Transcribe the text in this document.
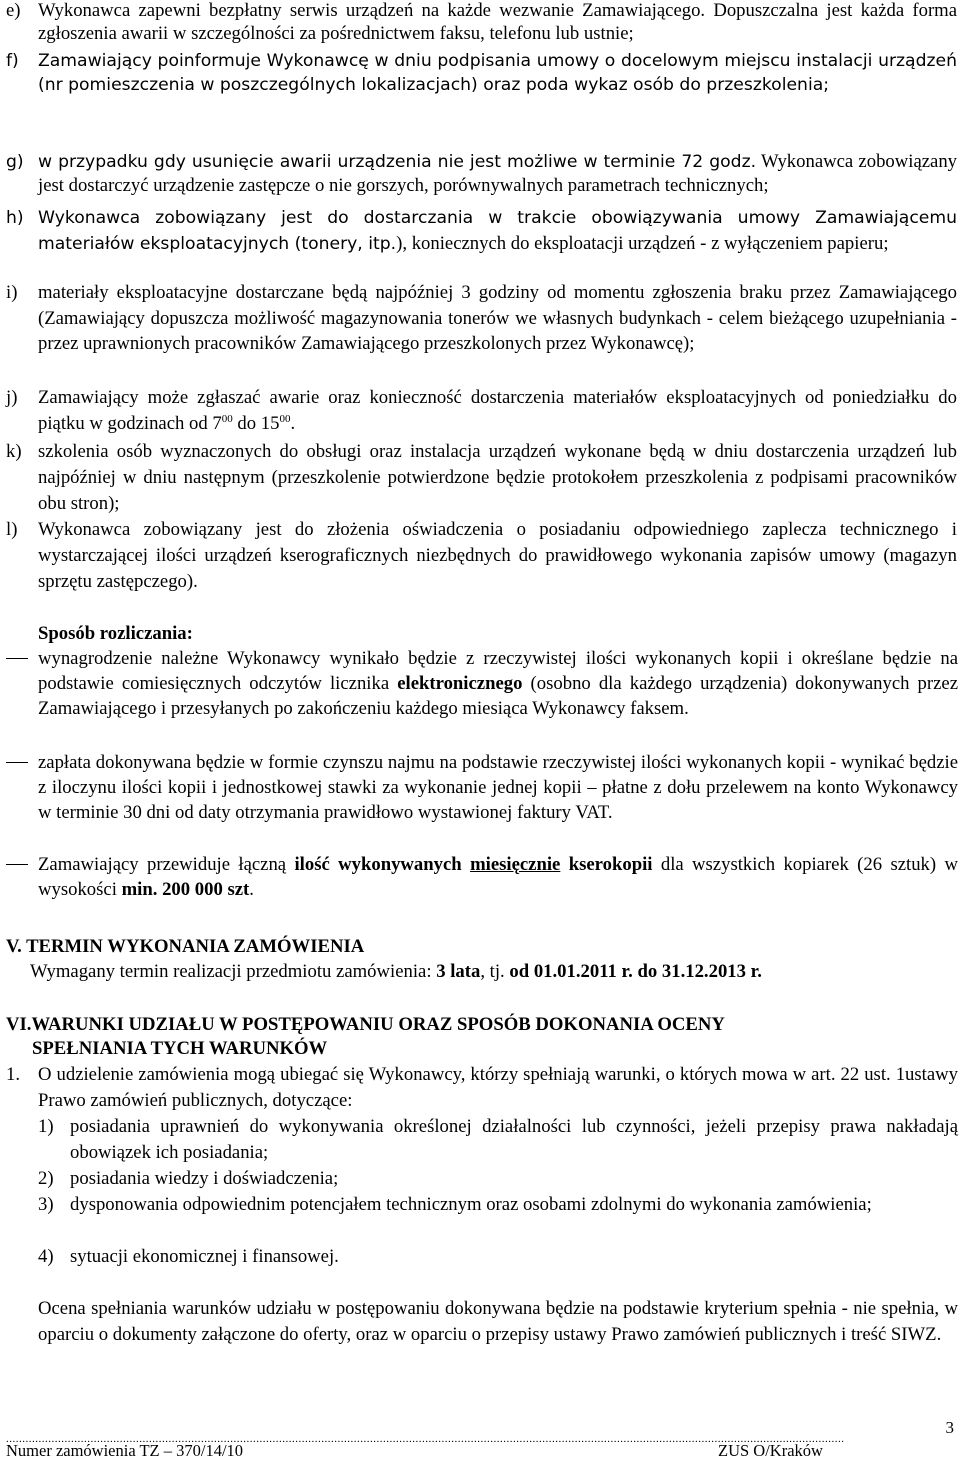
e) Wykonawca zapewni bezpłatny serwis urządzeń na każde wezwanie Zamawiającego. Dopuszczalna jest każda forma zgłoszenia awarii w szczególności za pośrednictwem faksu, telefonu lub ustnie;
f)	Zamawiający poinformuje Wykonawcę w dniu podpisania umowy o docelowym miejscu instalacji urządzeń (nr pomieszczenia w poszczególnych lokalizacjach) oraz poda wykaz osób do przeszkolenia;
g) w przypadku gdy usunięcie awarii urządzenia nie jest możliwe w terminie 72 godz. Wykonawca zobowiązany jest dostarczyć urządzenie zastępcze o nie gorszych, porównywalnych parametrach technicznych;
h) Wykonawca zobowiązany jest do dostarczania w trakcie obowiązywania umowy Zamawiającemu materiałów eksploatacyjnych (tonery, itp.), koniecznych do eksploatacji urządzeń - z wyłączeniem papieru;
i)	materiały eksploatacyjne dostarczane będą najpóźniej 3 godziny od momentu zgłoszenia braku przez Zamawiającego (Zamawiający dopuszcza możliwość magazynowania tonerów we własnych budynkach - celem bieżącego uzupełniania - przez uprawnionych pracowników Zamawiającego przeszkolonych przez Wykonawcę);
j)	Zamawiający może zgłaszać awarie oraz konieczność dostarczenia materiałów eksploatacyjnych od poniedziałku do piątku w godzinach od $7^{00}$ do $15^{00}$.
k) szkolenia osób wyznaczonych do obsługi oraz instalacja urządzeń wykonane będą w dniu dostarczenia urządzeń lub najpóźniej w dniu następnym (przeszkolenie potwierdzone będzie protokołem przeszkolenia z podpisami pracowników obu stron);
l)	Wykonawca zobowiązany jest do złożenia oświadczenia o posiadaniu odpowiedniego zaplecza technicznego i wystarczającej ilości urządzeń kserograficznych niezbędnych do prawidłowego wykonania zapisów umowy (magazyn sprzętu zastępczego).
Sposób rozliczania:
wynagrodzenie należne Wykonawcy wynikało będzie z rzeczywistej ilości wykonanych kopii i określane będzie na podstawie comiesięcznych odczytów licznika elektronicznego (osobno dla każdego urządzenia) dokonywanych przez Zamawiającego i przesyłanych po zakończeniu każdego miesiąca Wykonawcy faksem.
zapłata dokonywana będzie w formie czynszu najmu na podstawie rzeczywistej ilości wykonanych kopii - wynikać będzie z iloczynu ilości kopii i jednostkowej stawki za wykonanie jednej kopii – płatne z dołu przelewem na konto Wykonawcy w terminie 30 dni od daty otrzymania prawidłowo wystawionej faktury VAT.
Zamawiający przewiduje łączną ilość wykonywanych miesięcznie kserokopii dla wszystkich kopiarek (26 sztuk) w wysokości min. 200 000 szt.
V. TERMIN WYKONANIA ZAMÓWIENIA
Wymagany termin realizacji przedmiotu zamówienia: 3 lata, tj. od 01.01.2011 r. do 31.12.2013 r.
VI.WARUNKI UDZIAŁU W POSTĘPOWANIU ORAZ SPOSÓB DOKONANIA OCENY
SPEŁNIANIA TYCH WARUNKÓW
1. O udzielenie zamówienia mogą ubiegać się Wykonawcy, którzy spełniają warunki, o których mowa w art. 22 ust. 1ustawy Prawo zamówień publicznych, dotyczące:
1) posiadania uprawnień do wykonywania określonej działalności lub czynności, jeżeli przepisy prawa nakładają obowiązek ich posiadania;
2) posiadania wiedzy i doświadczenia;
3) dysponowania odpowiednim potencjałem technicznym oraz osobami zdolnymi do wykonania zamówienia;
4) sytuacji ekonomicznej i finansowej.
Ocena spełniania warunków udziału w postępowaniu dokonywana będzie na podstawie kryterium spełnia - nie spełnia, w oparciu o dokumenty załączone do oferty, oraz w oparciu o przepisy ustawy Prawo zamówień publicznych i treść SIWZ.
..................................................................................................................................................................................................................................................................
3
Numer zamówienia TZ – 370/14/10	ZUS O/Kraków
